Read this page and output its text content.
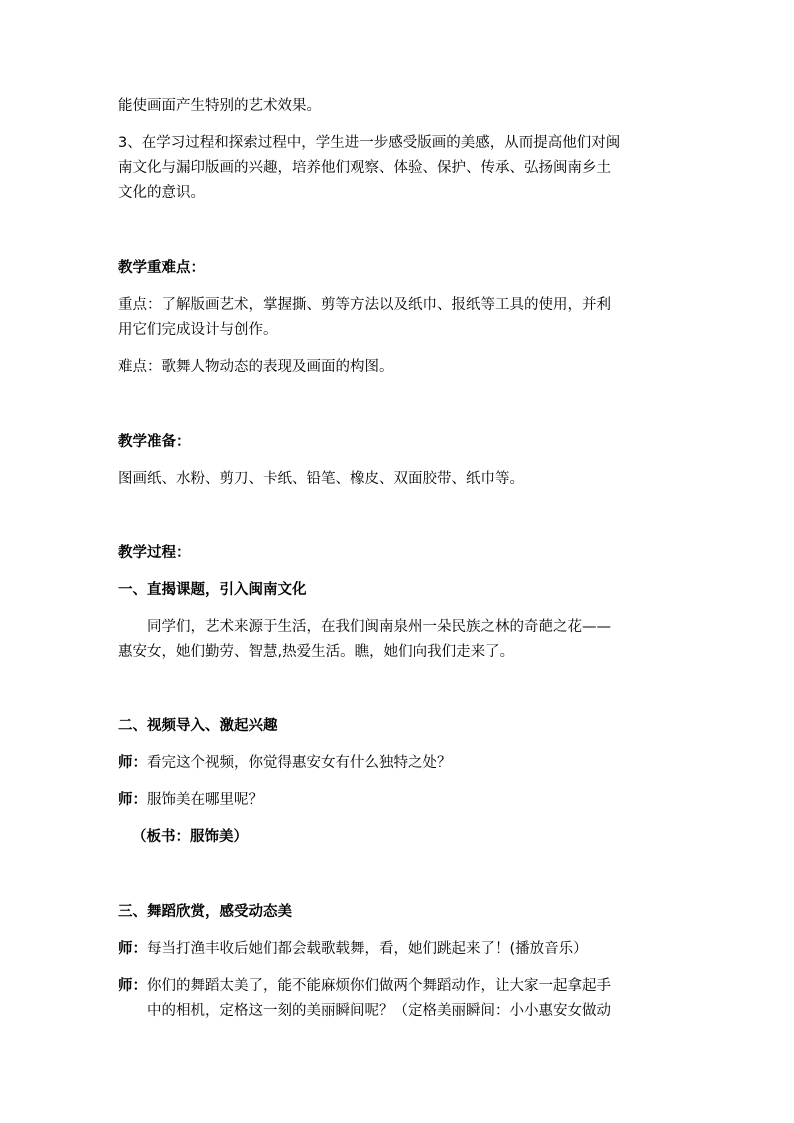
能使画面产生特别的艺术效果。
3、在学习过程和探索过程中，学生进一步感受版画的美感，从而提高他们对闽
南文化与漏印版画的兴趣，培养他们观察、体验、保护、传承、弘扬闽南乡土
文化的意识。
教学重难点：
重点：了解版画艺术，掌握撕、剪等方法以及纸巾、报纸等工具的使用，并利
用它们完成设计与创作。
难点：歌舞人物动态的表现及画面的构图。
教学准备：
图画纸、水粉、剪刀、卡纸、铅笔、橡皮、双面胶带、纸巾等。
教学过程：
一、直揭课题，引入闽南文化
同学们，艺术来源于生活，在我们闽南泉州一朵民族之林的奇葩之花——
惠安女，她们勤劳、智慧,热爱生活。瞧，她们向我们走来了。
二、视频导入、激起兴趣
师：看完这个视频，你觉得惠安女有什么独特之处？
师：服饰美在哪里呢？
（板书：服饰美）
三、舞蹈欣赏，感受动态美
师：每当打渔丰收后她们都会载歌载舞，看，她们跳起来了！(播放音乐）
师：你们的舞蹈太美了，能不能麻烦你们做两个舞蹈动作，让大家一起拿起手
中的相机，定格这一刻的美丽瞬间呢？（定格美丽瞬间：小小惠安女做动
